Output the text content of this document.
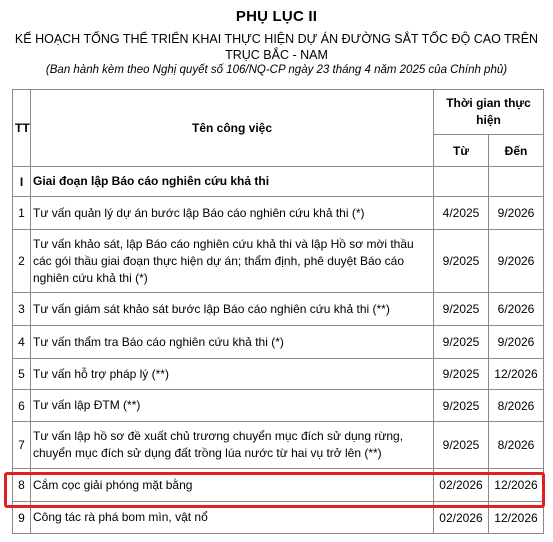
PHỤ LỤC II
KẾ HOẠCH TỔNG THỂ TRIỂN KHAI THỰC HIỆN DỰ ÁN ĐƯỜNG SẮT TỐC ĐỘ CAO TRÊN
TRỤC BẮC - NAM
(Ban hành kèm theo Nghị quyết số 106/NQ-CP ngày 23 tháng 4 năm 2025 của Chính phủ)
TT	Tên công việc	Thời gian thực hiện	
		Từ	Đến
I	Giai đoạn lập Báo cáo nghiên cứu khả thi		
1	Tư vấn quản lý dự án bước lập Báo cáo nghiên cứu khả thi (*)	4/2025	9/2026
2	Tư vấn khảo sát, lập Báo cáo nghiên cứu khả thi và lập Hồ sơ mời thầu các gói thầu giai đoạn thực hiện dự án; thẩm định, phê duyệt Báo cáo nghiên cứu khả thi (*)	9/2025	9/2026
3	Tư vấn giám sát khảo sát bước lập Báo cáo nghiên cứu khả thi (**)	9/2025	6/2026
4	Tư vấn thẩm tra Báo cáo nghiên cứu khả thi (*)	9/2025	9/2026
5	Tư vấn hỗ trợ pháp lý (**)	9/2025	12/2026
6	Tư vấn lập ĐTM (**)	9/2025	8/2026
7	Tư vấn lập hồ sơ đề xuất chủ trương chuyển mục đích sử dụng rừng, chuyển mục đích sử dụng đất trồng lúa nước từ hai vụ trở lên (**)	9/2025	8/2026
8	Cắm cọc giải phóng mặt bằng	02/2026	12/2026
9	Công tác rà phá bom mìn, vật nổ	02/2026	12/2026
